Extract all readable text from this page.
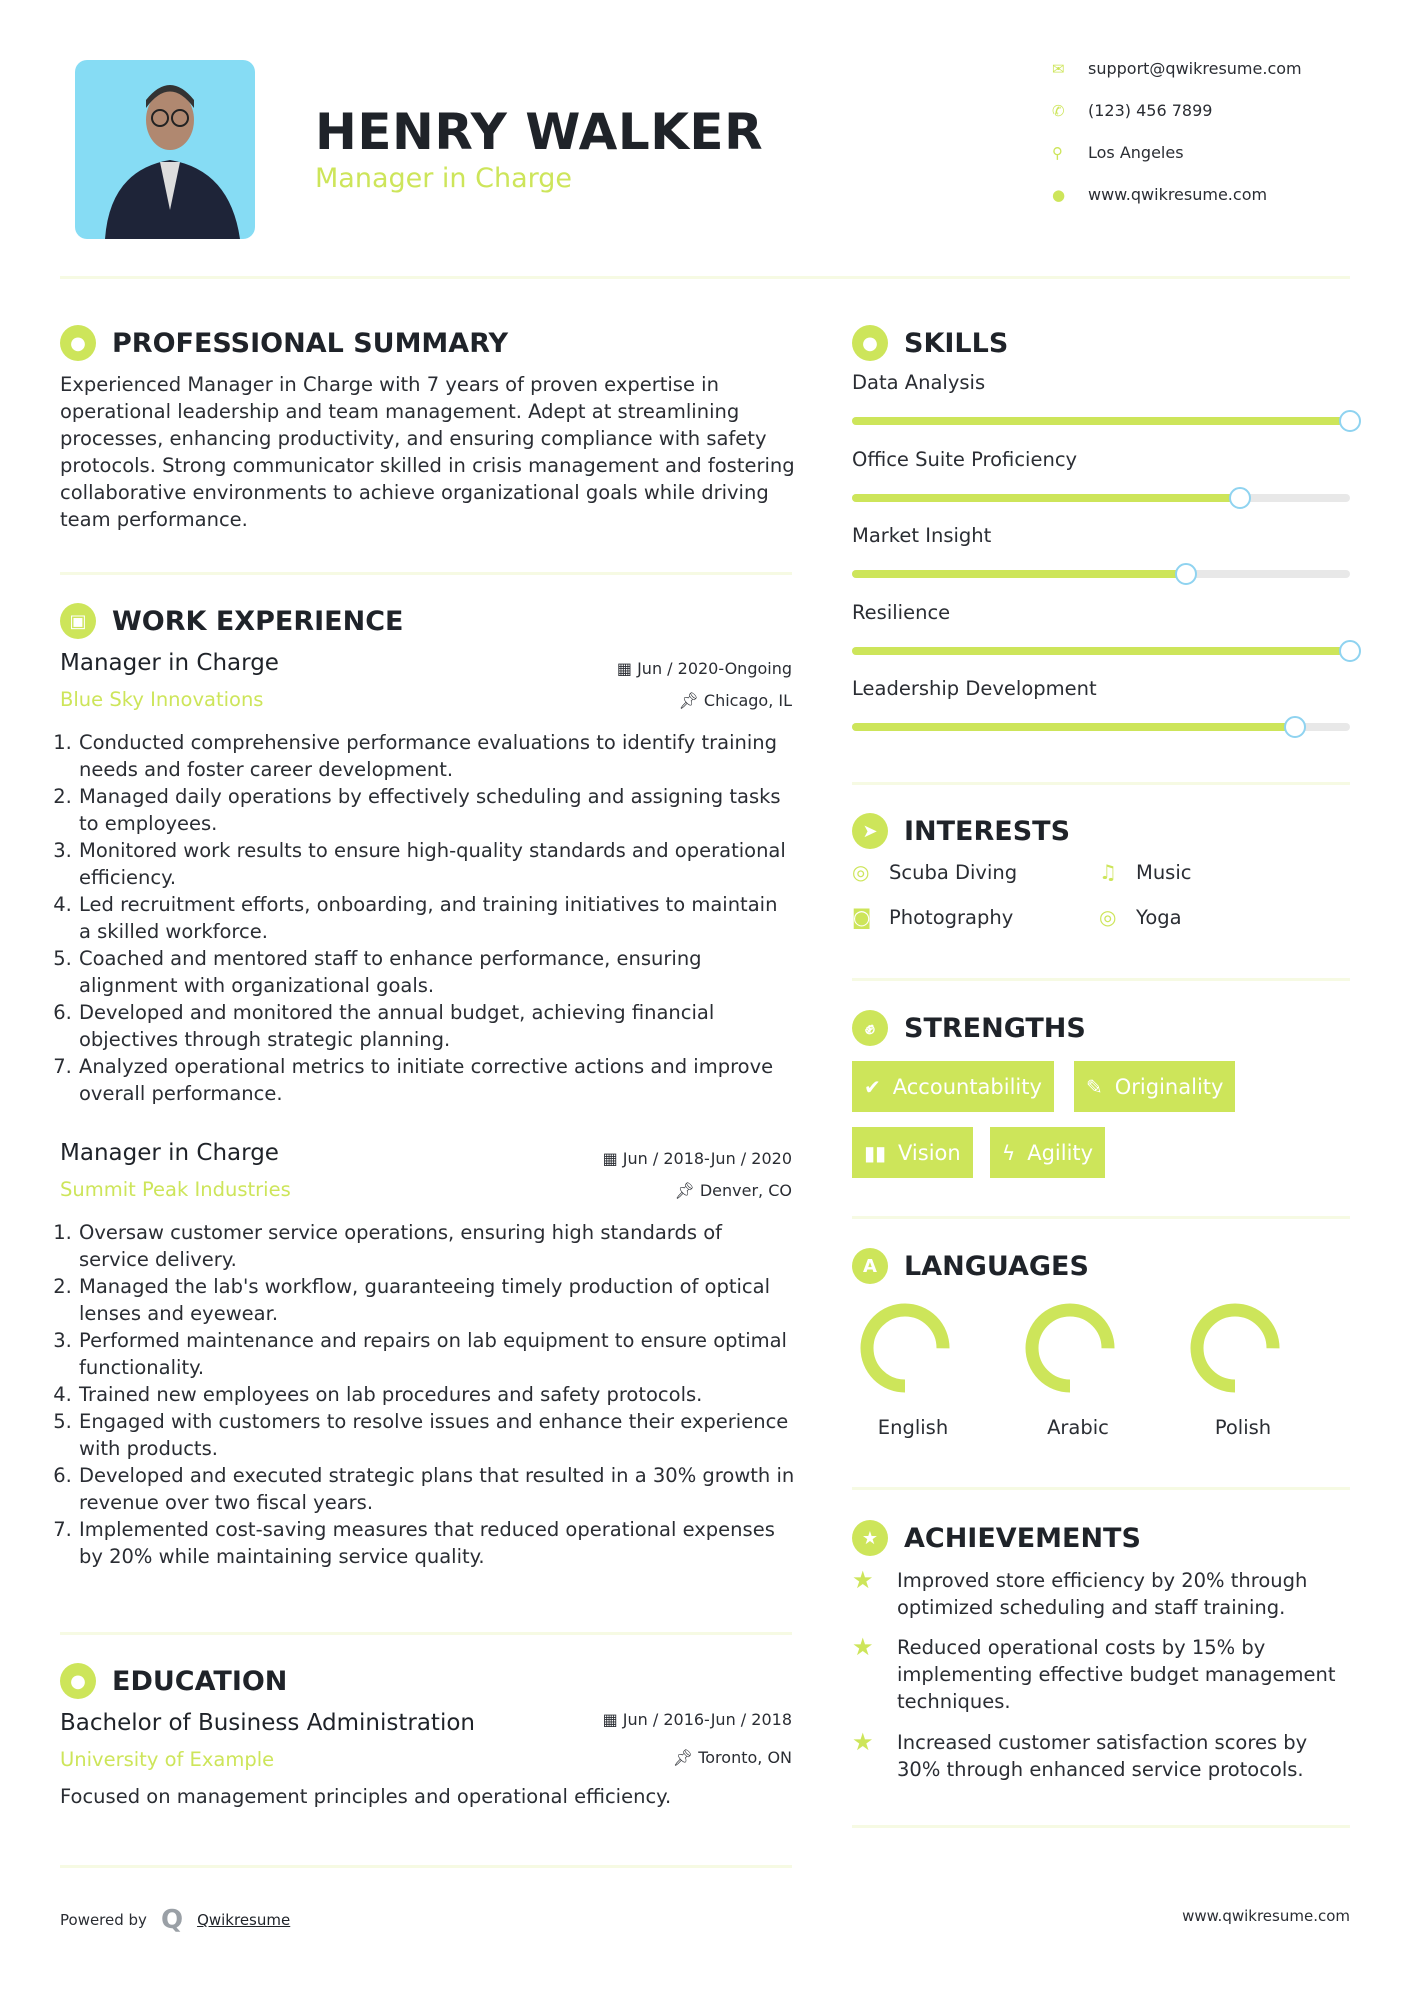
HENRY WALKER
Manager in Charge
✉	support@qwikresume.com
✆	(123) 456 7899
⚲	Los Angeles
●	www.qwikresume.com
● PROFESSIONAL SUMMARY
Experienced Manager in Charge with 7 years of proven expertise in operational leadership and team management. Adept at streamlining processes, enhancing productivity, and ensuring compliance with safety protocols. Strong communicator skilled in crisis management and fostering collaborative environments to achieve organizational goals while driving team performance.
▣ WORK EXPERIENCE
Manager in Charge
Blue Sky Innovations
▦ Jun / 2020-Ongoing
📌︎ Chicago, IL
1. Conducted comprehensive performance evaluations to identify training needs and foster career development.
2. Managed daily operations by effectively scheduling and assigning tasks to employees.
3. Monitored work results to ensure high-quality standards and operational efficiency.
4. Led recruitment efforts, onboarding, and training initiatives to maintain a skilled workforce.
5. Coached and mentored staff to enhance performance, ensuring alignment with organizational goals.
6. Developed and monitored the annual budget, achieving financial objectives through strategic planning.
7. Analyzed operational metrics to initiate corrective actions and improve overall performance.
Manager in Charge
Summit Peak Industries
▦ Jun / 2018-Jun / 2020
📌︎ Denver, CO
1. Oversaw customer service operations, ensuring high standards of service delivery.
2. Managed the lab's workflow, guaranteeing timely production of optical lenses and eyewear.
3. Performed maintenance and repairs on lab equipment to ensure optimal functionality.
4. Trained new employees on lab procedures and safety protocols.
5. Engaged with customers to resolve issues and enhance their experience with products.
6. Developed and executed strategic plans that resulted in a 30% growth in revenue over two fiscal years.
7. Implemented cost-saving measures that reduced operational expenses by 20% while maintaining service quality.
● EDUCATION
Bachelor of Business Administration
University of Example
▦ Jun / 2016-Jun / 2018
📌︎ Toronto, ON
Focused on management principles and operational efficiency.
● SKILLS
Data Analysis
Office Suite Proficiency
Market Insight
Resilience
Leadership Development
➤ INTERESTS
◎	Scuba Diving	♫ Music
◙ Photography	◎	Yoga
✊︎	STRENGTHS
✔ Accountability ✎ Originality
▮▮ Vision ϟ Agility
A	LANGUAGES
English	Arabic	Polish
★ ACHIEVEMENTS
★	Improved store efficiency by 20% through optimized scheduling and staff training.
★	Reduced operational costs by 15% by implementing effective budget management techniques.
★	Increased customer satisfaction scores by 30% through enhanced service protocols.
Powered by Q Qwikresume	www.qwikresume.com
